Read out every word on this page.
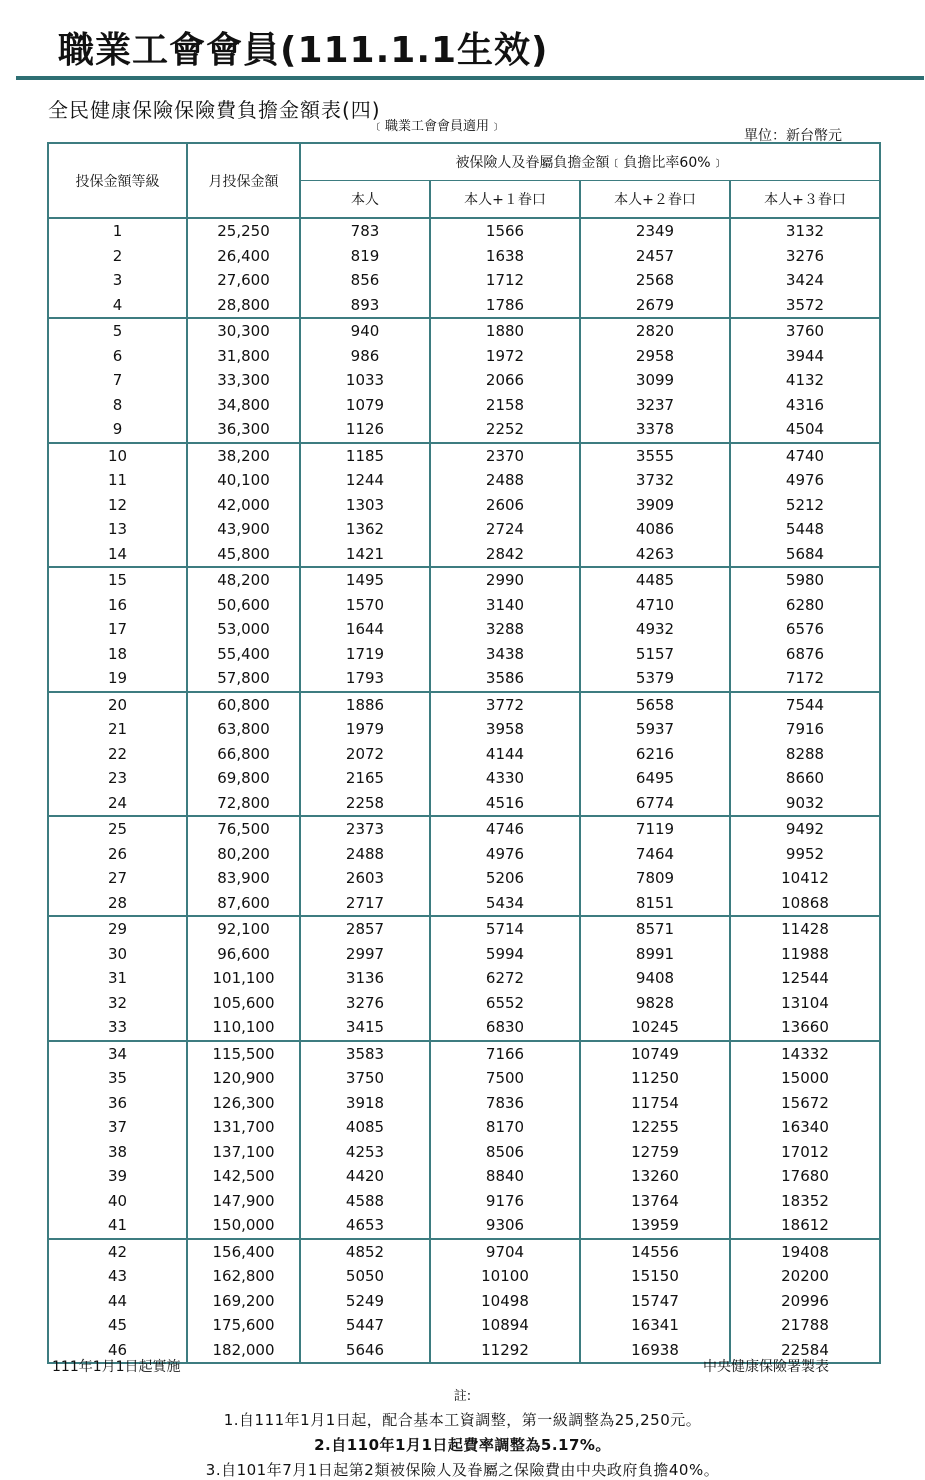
職業工會會員(111.1.1生效)
全民健康保險保險費負擔金額表(四)
﹝職業工會會員適用﹞
單位：新台幣元
投保金額等級	月投保金額	被保險人及眷屬負擔金額﹝負擔比率60%﹞			
		本人	本人+１眷口	本人+２眷口	本人+３眷口
1	25,250	783	1566	2349	3132
2	26,400	819	1638	2457	3276
3	27,600	856	1712	2568	3424
4	28,800	893	1786	2679	3572
5	30,300	940	1880	2820	3760
6	31,800	986	1972	2958	3944
7	33,300	1033	2066	3099	4132
8	34,800	1079	2158	3237	4316
9	36,300	1126	2252	3378	4504
10	38,200	1185	2370	3555	4740
11	40,100	1244	2488	3732	4976
12	42,000	1303	2606	3909	5212
13	43,900	1362	2724	4086	5448
14	45,800	1421	2842	4263	5684
15	48,200	1495	2990	4485	5980
16	50,600	1570	3140	4710	6280
17	53,000	1644	3288	4932	6576
18	55,400	1719	3438	5157	6876
19	57,800	1793	3586	5379	7172
20	60,800	1886	3772	5658	7544
21	63,800	1979	3958	5937	7916
22	66,800	2072	4144	6216	8288
23	69,800	2165	4330	6495	8660
24	72,800	2258	4516	6774	9032
25	76,500	2373	4746	7119	9492
26	80,200	2488	4976	7464	9952
27	83,900	2603	5206	7809	10412
28	87,600	2717	5434	8151	10868
29	92,100	2857	5714	8571	11428
30	96,600	2997	5994	8991	11988
31	101,100	3136	6272	9408	12544
32	105,600	3276	6552	9828	13104
33	110,100	3415	6830	10245	13660
34	115,500	3583	7166	10749	14332
35	120,900	3750	7500	11250	15000
36	126,300	3918	7836	11754	15672
37	131,700	4085	8170	12255	16340
38	137,100	4253	8506	12759	17012
39	142,500	4420	8840	13260	17680
40	147,900	4588	9176	13764	18352
41	150,000	4653	9306	13959	18612
42	156,400	4852	9704	14556	19408
43	162,800	5050	10100	15150	20200
44	169,200	5249	10498	15747	20996
45	175,600	5447	10894	16341	21788
46	182,000	5646	11292	16938	22584
111年1月1日起實施	中央健康保險署製表
註:
1.自111年1月1日起，配合基本工資調整，第一級調整為25,250元。
2.自110年1月1日起費率調整為5.17%。
3.自101年7月1日起第2類被保險人及眷屬之保險費由中央政府負擔40%。
